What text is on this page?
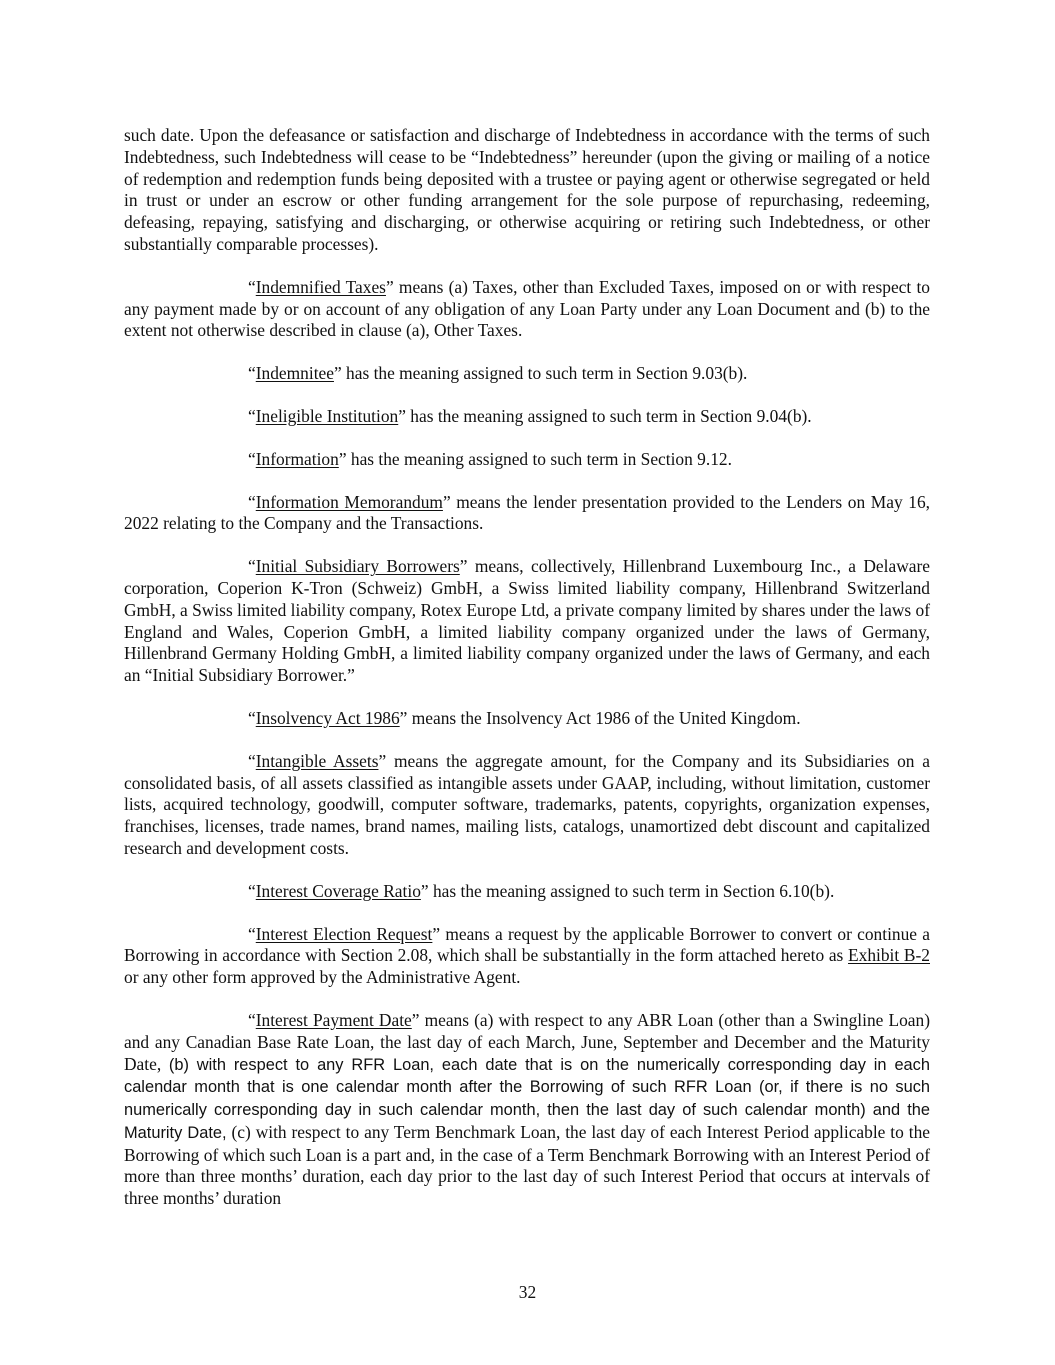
such date. Upon the defeasance or satisfaction and discharge of Indebtedness in accordance with the terms of such Indebtedness, such Indebtedness will cease to be “Indebtedness” hereunder (upon the giving or mailing of a notice of redemption and redemption funds being deposited with a trustee or paying agent or otherwise segregated or held in trust or under an escrow or other funding arrangement for the sole purpose of repurchasing, redeeming, defeasing, repaying, satisfying and discharging, or otherwise acquiring or retiring such Indebtedness, or other substantially comparable processes).

“Indemnified Taxes” means (a) Taxes, other than Excluded Taxes, imposed on or with respect to any payment made by or on account of any obligation of any Loan Party under any Loan Document and (b) to the extent not otherwise described in clause (a), Other Taxes.

“Indemnitee” has the meaning assigned to such term in Section 9.03(b).

“Ineligible Institution” has the meaning assigned to such term in Section 9.04(b).

“Information” has the meaning assigned to such term in Section 9.12.

“Information Memorandum” means the lender presentation provided to the Lenders on May 16, 2022 relating to the Company and the Transactions.

“Initial Subsidiary Borrowers” means, collectively, Hillenbrand Luxembourg Inc., a Delaware corporation, Coperion K-Tron (Schweiz) GmbH, a Swiss limited liability company, Hillenbrand Switzerland GmbH, a Swiss limited liability company, Rotex Europe Ltd, a private company limited by shares under the laws of England and Wales, Coperion GmbH, a limited liability company organized under the laws of Germany, Hillenbrand Germany Holding GmbH, a limited liability company organized under the laws of Germany, and each an “Initial Subsidiary Borrower.”

“Insolvency Act 1986” means the Insolvency Act 1986 of the United Kingdom.

“Intangible Assets” means the aggregate amount, for the Company and its Subsidiaries on a consolidated basis, of all assets classified as intangible assets under GAAP, including, without limitation, customer lists, acquired technology, goodwill, computer software, trademarks, patents, copyrights, organization expenses, franchises, licenses, trade names, brand names, mailing lists, catalogs, unamortized debt discount and capitalized research and development costs.

“Interest Coverage Ratio” has the meaning assigned to such term in Section 6.10(b).

“Interest Election Request” means a request by the applicable Borrower to convert or continue a Borrowing in accordance with Section 2.08, which shall be substantially in the form attached hereto as Exhibit B-2 or any other form approved by the Administrative Agent.

“Interest Payment Date” means (a) with respect to any ABR Loan (other than a Swingline Loan) and any Canadian Base Rate Loan, the last day of each March, June, September and December and the Maturity Date, (b) with respect to any RFR Loan, each date that is on the numerically corresponding day in each calendar month that is one calendar month after the Borrowing of such RFR Loan (or, if there is no such numerically corresponding day in such calendar month, then the last day of such calendar month) and the Maturity Date, (c) with respect to any Term Benchmark Loan, the last day of each Interest Period applicable to the Borrowing of which such Loan is a part and, in the case of a Term Benchmark Borrowing with an Interest Period of more than three months’ duration, each day prior to the last day of such Interest Period that occurs at intervals of three months’ duration

32
